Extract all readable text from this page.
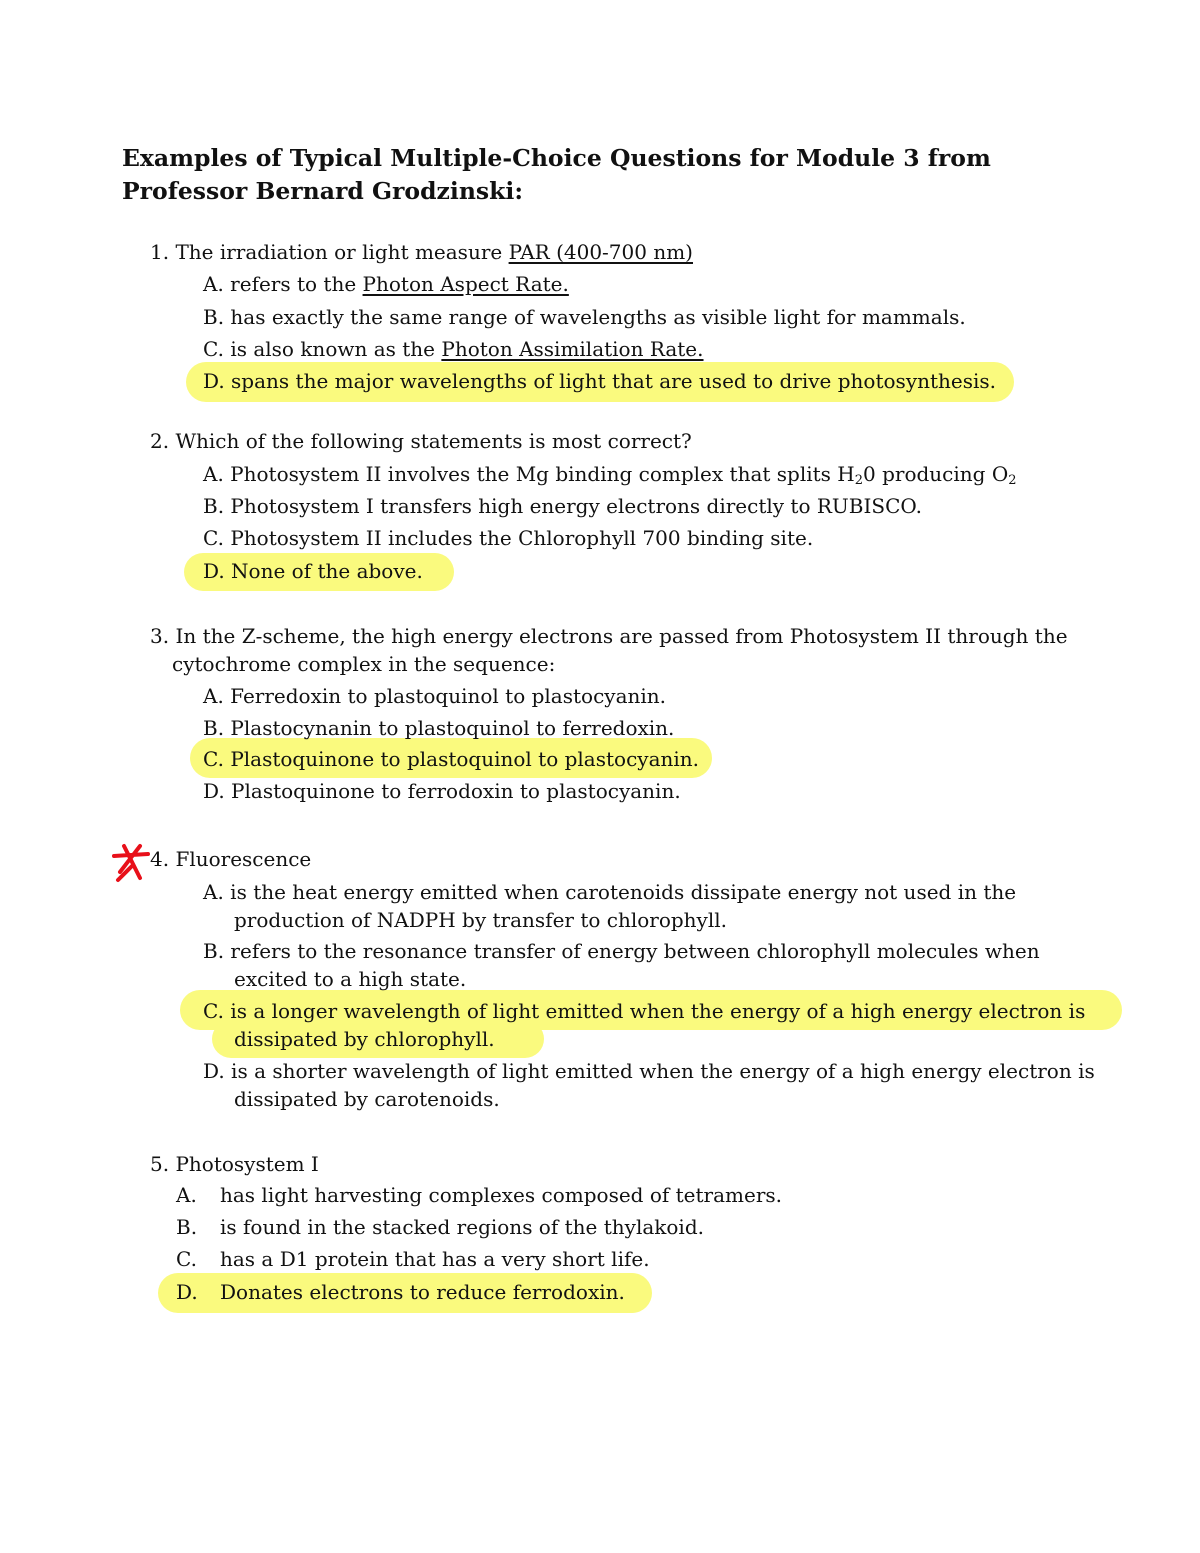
Examples of Typical Multiple-Choice Questions for Module 3 from Professor Bernard Grodzinski:
1. The irradiation or light measure PAR (400-700 nm)
A. refers to the Photon Aspect Rate.
B. has exactly the same range of wavelengths as visible light for mammals.
C. is also known as the Photon Assimilation Rate.
D. spans the major wavelengths of light that are used to drive photosynthesis.
2. Which of the following statements is most correct?
A. Photosystem II involves the Mg binding complex that splits $H_20$ producing $O_2$
B. Photosystem I transfers high energy electrons directly to RUBISCO.
C. Photosystem II includes the Chlorophyll 700 binding site.
D. None of the above.
3. In the Z-scheme, the high energy electrons are passed from Photosystem II through the
cytochrome complex in the sequence:
A. Ferredoxin to plastoquinol to plastocyanin.
B. Plastocynanin to plastoquinol to ferredoxin.
C. Plastoquinone to plastoquinol to plastocyanin.
D. Plastoquinone to ferrodoxin to plastocyanin.
4. Fluorescence
A. is the heat energy emitted when carotenoids dissipate energy not used in the
production of NADPH by transfer to chlorophyll.
B. refers to the resonance transfer of energy between chlorophyll molecules when
excited to a high state.
C. is a longer wavelength of light emitted when the energy of a high energy electron is
dissipated by chlorophyll.
D. is a shorter wavelength of light emitted when the energy of a high energy electron is
dissipated by carotenoids.
5. Photosystem I
A. has light harvesting complexes composed of tetramers.
B. is found in the stacked regions of the thylakoid.
C. has a D1 protein that has a very short life.
D. Donates electrons to reduce ferrodoxin.
